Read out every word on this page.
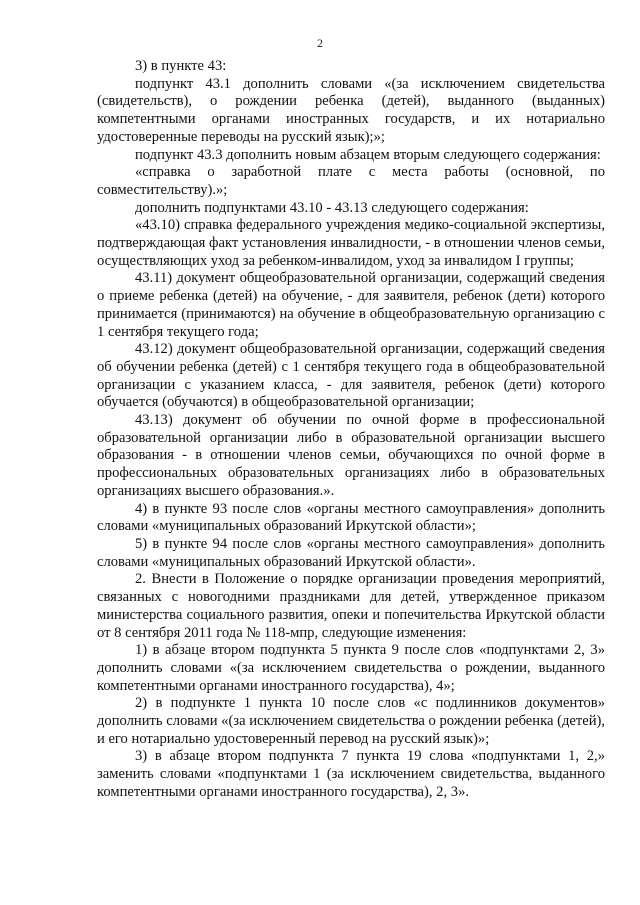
2

3) в пункте 43:

подпункт 43.1 дополнить словами «(за исключением свидетельства (свидетельств), о рождении ребенка (детей), выданного (выданных) компетентными органами иностранных государств, и их нотариально удостоверенные переводы на русский язык);»;

подпункт 43.3 дополнить новым абзацем вторым следующего содержания:

«справка о заработной плате с места работы (основной, по совместительству).»;

дополнить подпунктами 43.10 - 43.13 следующего содержания:

«43.10) справка федерального учреждения медико-социальной экспертизы, подтверждающая факт установления инвалидности, - в отношении членов семьи, осуществляющих уход за ребенком-инвалидом, уход за инвалидом I группы;

43.11) документ общеобразовательной организации, содержащий сведения о приеме ребенка (детей) на обучение, - для заявителя, ребенок (дети) которого принимается (принимаются) на обучение в общеобразовательную организацию с 1 сентября текущего года;

43.12) документ общеобразовательной организации, содержащий сведения об обучении ребенка (детей) с 1 сентября текущего года в общеобразовательной организации с указанием класса, - для заявителя, ребенок (дети) которого обучается (обучаются) в общеобразовательной организации;

43.13) документ об обучении по очной форме в профессиональной образовательной организации либо в образовательной организации высшего образования - в отношении членов семьи, обучающихся по очной форме в профессиональных образовательных организациях либо в образовательных организациях высшего образования.».

4) в пункте 93 после слов «органы местного самоуправления» дополнить словами «муниципальных образований Иркутской области»;

5) в пункте 94 после слов «органы местного самоуправления» дополнить словами «муниципальных образований Иркутской области».

2. Внести в Положение о порядке организации проведения мероприятий, связанных с новогодними праздниками для детей, утвержденное приказом министерства социального развития, опеки и попечительства Иркутской области от 8 сентября 2011 года № 118-мпр, следующие изменения:

1) в абзаце втором подпункта 5 пункта 9 после слов «подпунктами 2, 3» дополнить словами «(за исключением свидетельства о рождении, выданного компетентными органами иностранного государства), 4»;

2) в подпункте 1 пункта 10 после слов «с подлинников документов» дополнить словами «(за исключением свидетельства о рождении ребенка (детей), и его нотариально удостоверенный перевод на русский язык)»;

3) в абзаце втором подпункта 7 пункта 19 слова «подпунктами 1, 2,» заменить словами «подпунктами 1 (за исключением свидетельства, выданного компетентными органами иностранного государства), 2, 3».
